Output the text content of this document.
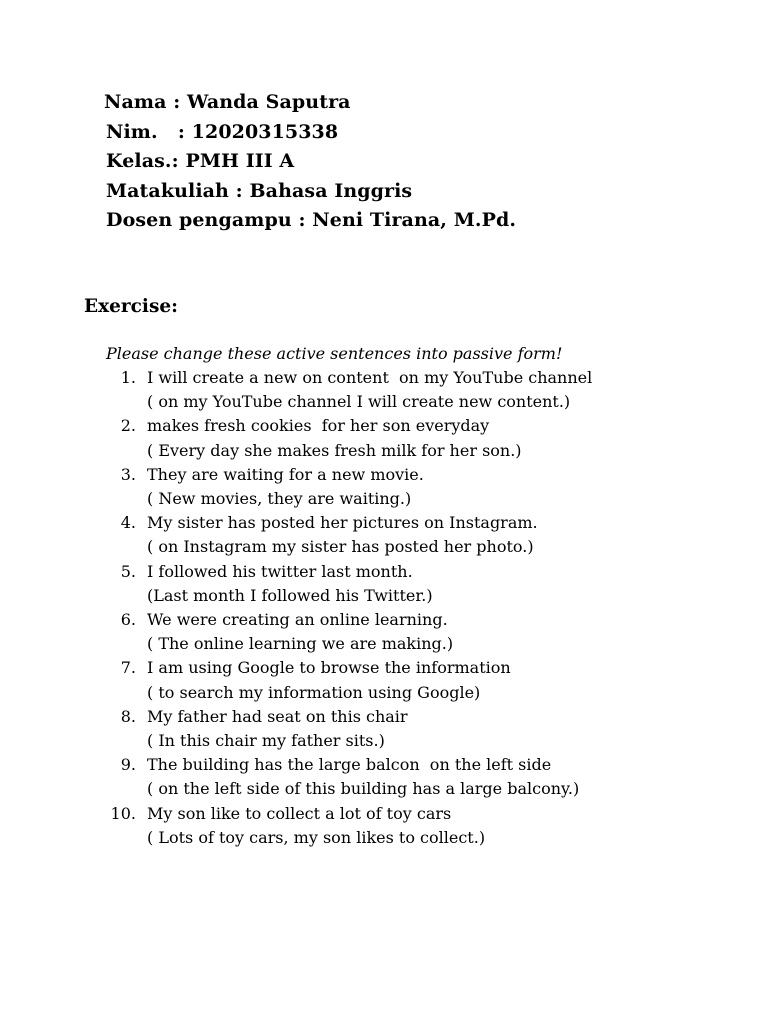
Nama : Wanda Saputra
Nim.   : 12020315338
Kelas.: PMH III A
Matakuliah : Bahasa Inggris
Dosen pengampu : Neni Tirana, M.Pd.
Exercise:
Please change these active sentences into passive form!
1. I will create a new on content  on my YouTube channel
( on my YouTube channel I will create new content.)
2. makes fresh cookies  for her son everyday
( Every day she makes fresh milk for her son.)
3. They are waiting for a new movie.
( New movies, they are waiting.)
4. My sister has posted her pictures on Instagram.
( on Instagram my sister has posted her photo.)
5. I followed his twitter last month.
(Last month I followed his Twitter.)
6. We were creating an online learning.
( The online learning we are making.)
7. I am using Google to browse the information
( to search my information using Google)
8. My father had seat on this chair
( In this chair my father sits.)
9. The building has the large balcon  on the left side
( on the left side of this building has a large balcony.)
10. My son like to collect a lot of toy cars
( Lots of toy cars, my son likes to collect.)
